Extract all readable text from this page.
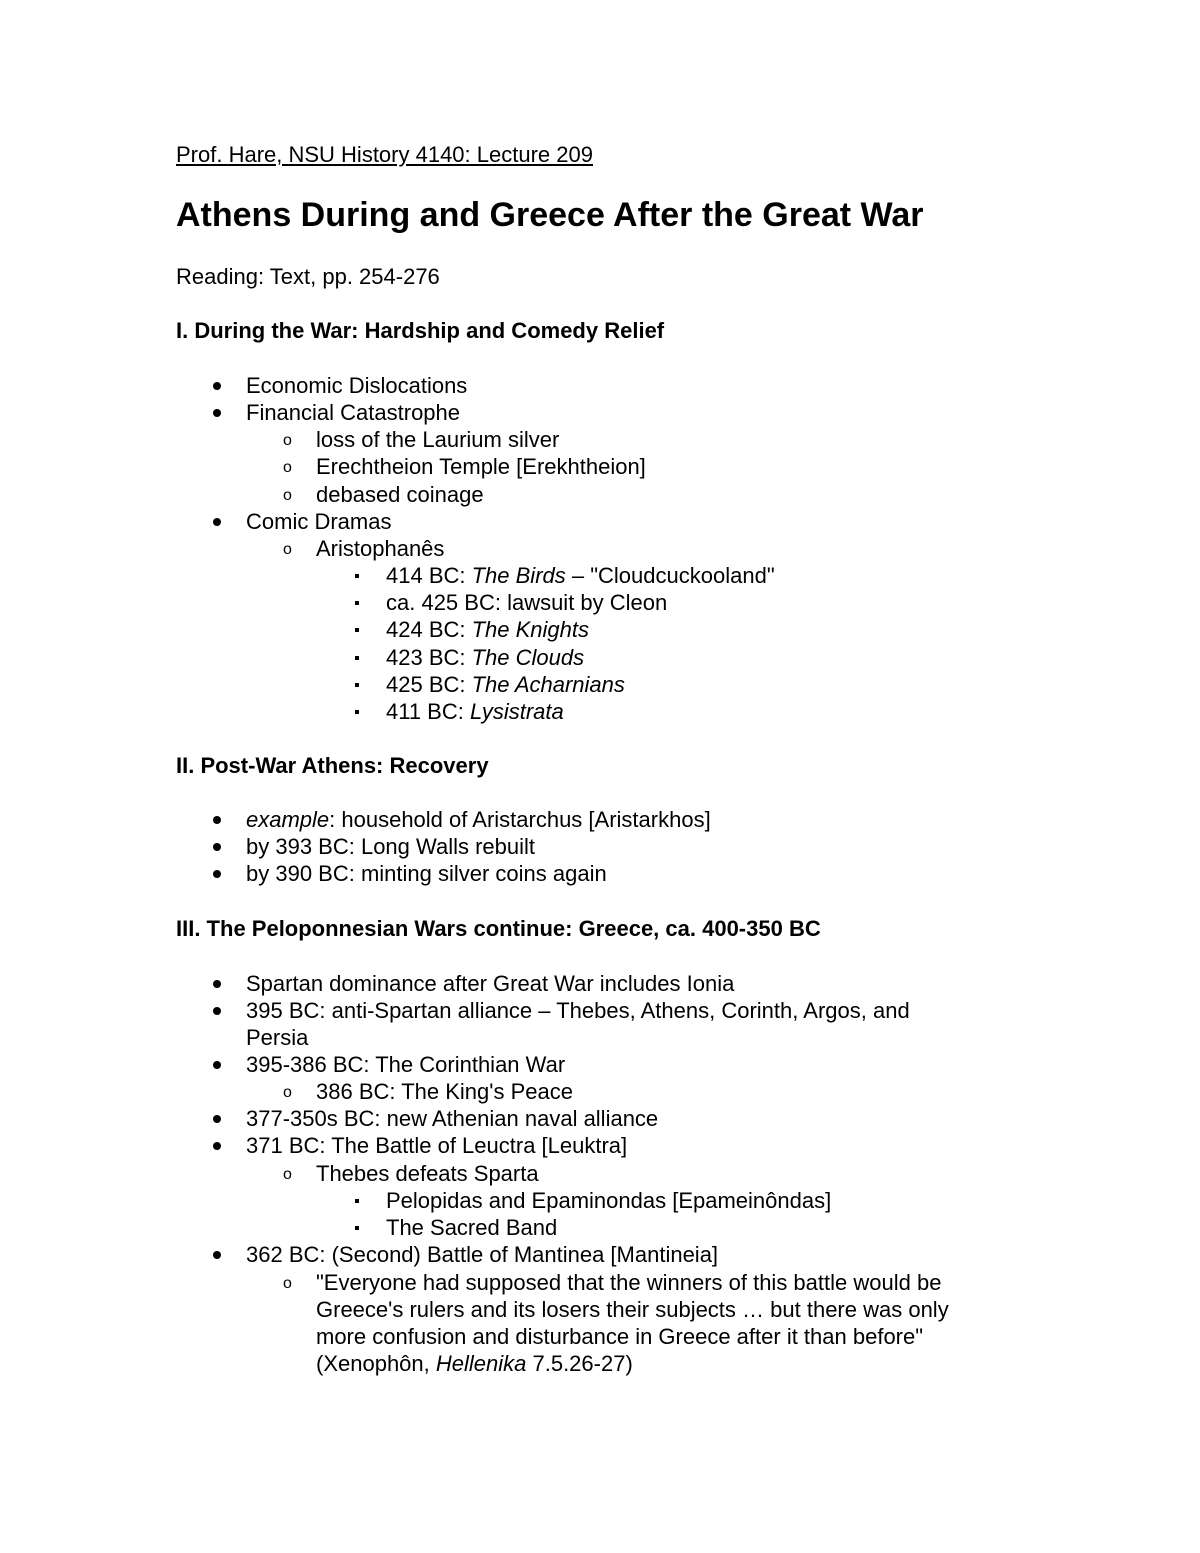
Prof. Hare, NSU History 4140: Lecture 209
Athens During and Greece After the Great War
Reading: Text, pp. 254-276
I. During the War: Hardship and Comedy Relief
Economic Dislocations
Financial Catastrophe
o loss of the Laurium silver
o Erechtheion Temple [Erekhtheion]
o debased coinage
Comic Dramas
o Aristophanês
414 BC: The Birds – "Cloudcuckooland"
ca. 425 BC: lawsuit by Cleon
424 BC: The Knights
423 BC: The Clouds
425 BC: The Acharnians
411 BC: Lysistrata
II. Post-War Athens: Recovery
example: household of Aristarchus [Aristarkhos]
by 393 BC: Long Walls rebuilt
by 390 BC: minting silver coins again
III. The Peloponnesian Wars continue: Greece, ca. 400-350 BC
Spartan dominance after Great War includes Ionia
395 BC: anti-Spartan alliance – Thebes, Athens, Corinth, Argos, and
Persia
395-386 BC: The Corinthian War
o 386 BC: The King's Peace
377-350s BC: new Athenian naval alliance
371 BC: The Battle of Leuctra [Leuktra]
o Thebes defeats Sparta
Pelopidas and Epaminondas [Epameinôndas]
The Sacred Band
362 BC: (Second) Battle of Mantinea [Mantineia]
o "Everyone had supposed that the winners of this battle would be
Greece's rulers and its losers their subjects … but there was only
more confusion and disturbance in Greece after it than before"
(Xenophôn, Hellenika 7.5.26-27)
